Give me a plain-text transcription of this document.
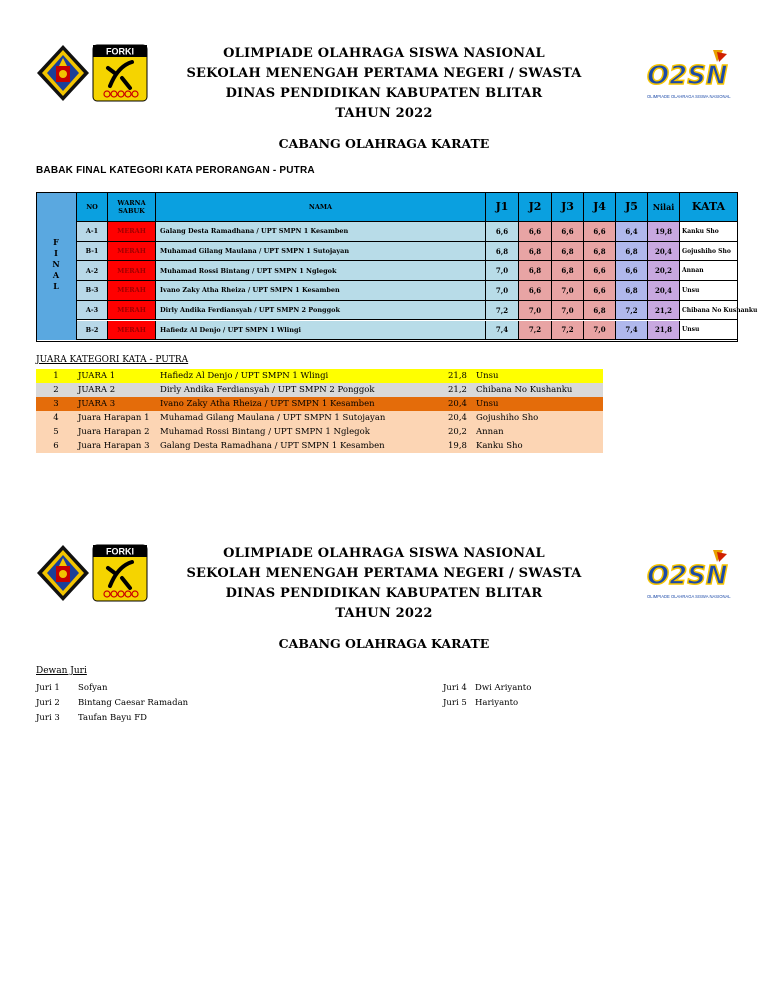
FORKI
O2SN
OLIMPIADE OLAHRAGA SISWA NASIONAL
OLIMPIADE OLAHRAGA SISWA NASIONAL
SEKOLAH MENENGAH PERTAMA NEGERI / SWASTA
DINAS PENDIDIKAN KABUPATEN BLITAR
TAHUN 2022
CABANG OLAHRAGA KARATE
BABAK FINAL KATEGORI KATA PERORANGAN - PUTRA
F
I
N
A
L
NO	WARNA SABUK	NAMA	J1	J2	J3	J4	J5	Nilai	KATA
A-1	MERAH	Galang Desta Ramadhana / UPT SMPN 1 Kesamben	6,6	6,6	6,6	6,6	6,4	19,8	Kanku Sho
B-1	MERAH	Muhamad Gilang Maulana / UPT SMPN 1 Sutojayan	6,8	6,8	6,8	6,8	6,8	20,4	Gojushiho Sho
A-2	MERAH	Muhamad Rossi Bintang / UPT SMPN 1 Nglegok	7,0	6,8	6,8	6,6	6,6	20,2	Annan
B-3	MERAH	Ivano Zaky Atha Rheiza / UPT SMPN 1 Kesamben	7,0	6,6	7,0	6,6	6,8	20,4	Unsu
A-3	MERAH	Dirly Andika Ferdiansyah / UPT SMPN 2 Ponggok	7,2	7,0	7,0	6,8	7,2	21,2	Chibana No Kushanku
B-2	MERAH	Hafiedz Al Denjo / UPT SMPN 1 Wlingi	7,4	7,2	7,2	7,0	7,4	21,8	Unsu
JUARA KATEGORI KATA - PUTRA
1	JUARA 1	Hafiedz Al Denjo / UPT SMPN 1 Wlingi	21,8 Unsu
2	JUARA 2	Dirly Andika Ferdiansyah / UPT SMPN 2 Ponggok	21,2 Chibana No Kushanku
3	JUARA 3	Ivano Zaky Atha Rheiza / UPT SMPN 1 Kesamben	20,4 Unsu
4	Juara Harapan 1 Muhamad Gilang Maulana / UPT SMPN 1 Sutojayan	20,4 Gojushiho Sho
5	Juara Harapan 2 Muhamad Rossi Bintang / UPT SMPN 1 Nglegok	20,2 Annan
6	Juara Harapan 3 Galang Desta Ramadhana / UPT SMPN 1 Kesamben	19,8 Kanku Sho
FORKI
O2SN
OLIMPIADE OLAHRAGA SISWA NASIONAL
OLIMPIADE OLAHRAGA SISWA NASIONAL
SEKOLAH MENENGAH PERTAMA NEGERI / SWASTA
DINAS PENDIDIKAN KABUPATEN BLITAR
TAHUN 2022
CABANG OLAHRAGA KARATE
Dewan Juri
Juri 1 Sofyan
Juri 2 Bintang Caesar Ramadan
Juri 3 Taufan Bayu FD
Juri 4 Dwi Ariyanto
Juri 5 Hariyanto
